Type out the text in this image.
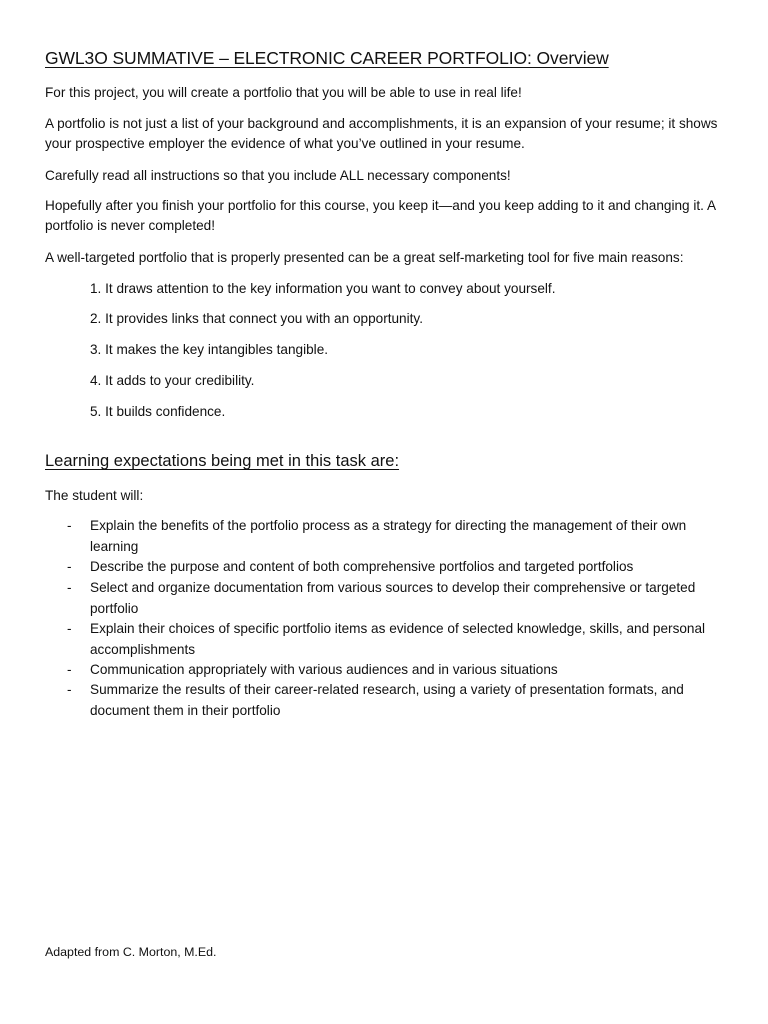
GWL3O SUMMATIVE – ELECTRONIC CAREER PORTFOLIO: Overview
For this project, you will create a portfolio that you will be able to use in real life!
A portfolio is not just a list of your background and accomplishments, it is an expansion of your resume; it shows your prospective employer the evidence of what you’ve outlined in your resume.
Carefully read all instructions so that you include ALL necessary components!
Hopefully after you finish your portfolio for this course, you keep it—and you keep adding to it and changing it. A portfolio is never completed!
A well-targeted portfolio that is properly presented can be a great self-marketing tool for five main reasons:
1. It draws attention to the key information you want to convey about yourself.
2. It provides links that connect you with an opportunity.
3. It makes the key intangibles tangible.
4. It adds to your credibility.
5. It builds confidence.
Learning expectations being met in this task are:
The student will:
- Explain the benefits of the portfolio process as a strategy for directing the management of their own learning
- Describe the purpose and content of both comprehensive portfolios and targeted portfolios
- Select and organize documentation from various sources to develop their comprehensive or targeted portfolio
- Explain their choices of specific portfolio items as evidence of selected knowledge, skills, and personal accomplishments
- Communication appropriately with various audiences and in various situations
- Summarize the results of their career-related research, using a variety of presentation formats, and document them in their portfolio
Adapted from C. Morton, M.Ed.
